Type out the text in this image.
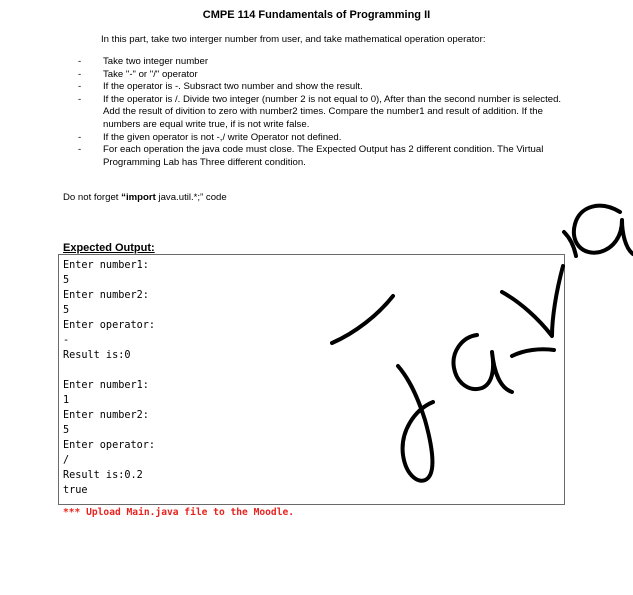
CMPE 114 Fundamentals of Programming II
In this part, take two interger number from user, and take mathematical operation operator:
- Take two integer number
- Take "-" or "/" operator
- If the operator is -. Subsract two number and show the result.
- If the operator is /. Divide two integer (number 2 is not equal to 0), After than the second number is selected. Add the result of divition to zero with number2 times. Compare the number1 and result of addition. If the numbers are equal write true, if is not write false.
- If the given operator is not -,/ write Operator not defined.
- For each operation the java code must close. The Expected Output has 2 different condition. The Virtual Programming Lab has Three different condition.
Do not forget “import java.util.*;” code
Expected Output:
Enter number1:
5
Enter number2:
5
Enter operator:
-
Result is:0
Enter number1:
1
Enter number2:
5
Enter operator:
/
Result is:0.2
true
*** Upload Main.java file to the Moodle.
